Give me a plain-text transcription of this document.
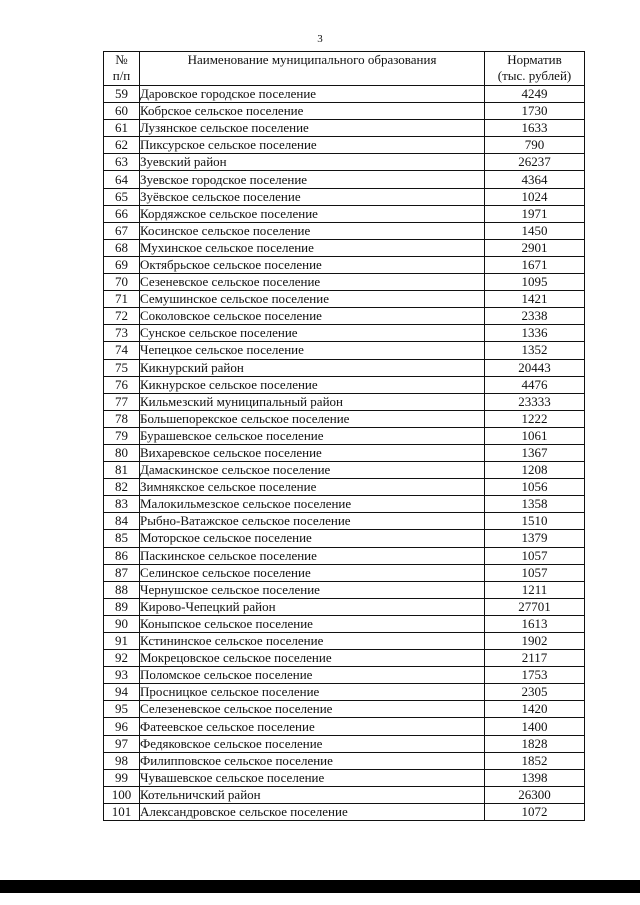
3
№
п/п	Наименование муниципального образования	Норматив
(тыс. рублей)

59	Даровское городское поселение	4249
60	Кобрское сельское поселение	1730
61	Лузянское сельское поселение	1633
62	Пиксурское сельское поселение	790
63	Зуевский район	26237
64	Зуевское городское поселение	4364
65	Зуёвское сельское поселение	1024
66	Кордяжское сельское поселение	1971
67	Косинское сельское поселение	1450
68	Мухинское сельское поселение	2901
69	Октябрьское сельское поселение	1671
70	Сезеневское сельское поселение	1095
71	Семушинское сельское поселение	1421
72	Соколовское сельское поселение	2338
73	Сунское сельское поселение	1336
74	Чепецкое сельское поселение	1352
75	Кикнурский район	20443
76	Кикнурское сельское поселение	4476
77	Кильмезский муниципальный район	23333
78	Большепорекское сельское поселение	1222
79	Бурашевское сельское поселение	1061
80	Вихаревское сельское поселение	1367
81	Дамаскинское сельское поселение	1208
82	Зимнякское сельское поселение	1056
83	Малокильмезское сельское поселение	1358
84	Рыбно-Ватажское сельское поселение	1510
85	Моторское сельское поселение	1379
86	Паскинское сельское поселение	1057
87	Селинское сельское поселение	1057
88	Чернушское сельское поселение	1211
89	Кирово-Чепецкий район	27701
90	Коныпское сельское поселение	1613
91	Кстининское сельское поселение	1902
92	Мокрецовское сельское поселение	2117
93	Поломское сельское поселение	1753
94	Просницкое сельское поселение	2305
95	Селезеневское сельское поселение	1420
96	Фатеевское сельское поселение	1400
97	Федяковское сельское поселение	1828
98	Филипповское сельское поселение	1852
99	Чувашевское сельское поселение	1398
100	Котельничский район	26300
101	Александровское сельское поселение	1072
